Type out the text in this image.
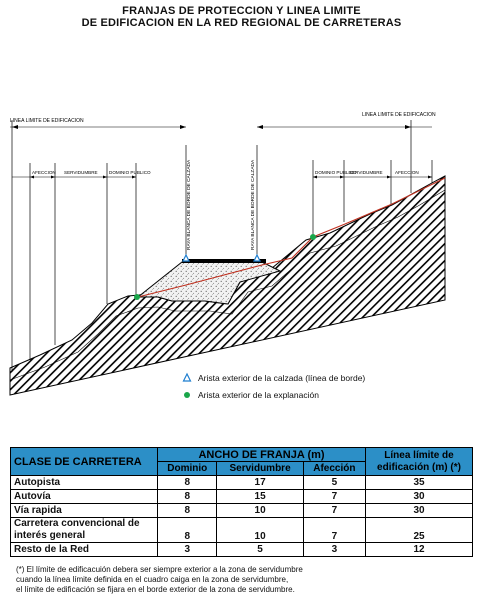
FRANJAS DE PROTECCION Y LINEA LIMITE
DE EDIFICACION EN LA RED REGIONAL DE CARRETERAS
LINEA LIMITE DE EDIFICACION
LINEA LIMITE DE EDIFICACION
AFECCION SERVIDUMBRE DOMINIO PUBLICO	DOMINIO PUBLICO
SERVIDUMBRE	AFECCION
RAYA BLANCA DE BORDE DE CALZADA	RAYA BLANCA DE BORDE DE CALZADA
Arista exterior de la calzada (línea de borde)
Arista exterior de la explanación
CLASE DE CARRETERA	ANCHO DE FRANJA (m)			Línea límite de edificación (m) (*)
	Dominio	Servidumbre	Afección	
Autopista	8	17	5	35
Autovía	8	15	7	30
Vía rapida	8	10	7	30
Carretera convencional de interés general	8	10	7	25
Resto de la Red	3	5	3	12
(*) El límite de edificacuión debera ser siempre exterior a la zona de servidumbre
cuando la línea límite definida en el cuadro caiga en la zona de servidumbre,
el límite de edificación se fijara en el borde exterior de la zona de servidumbre.
